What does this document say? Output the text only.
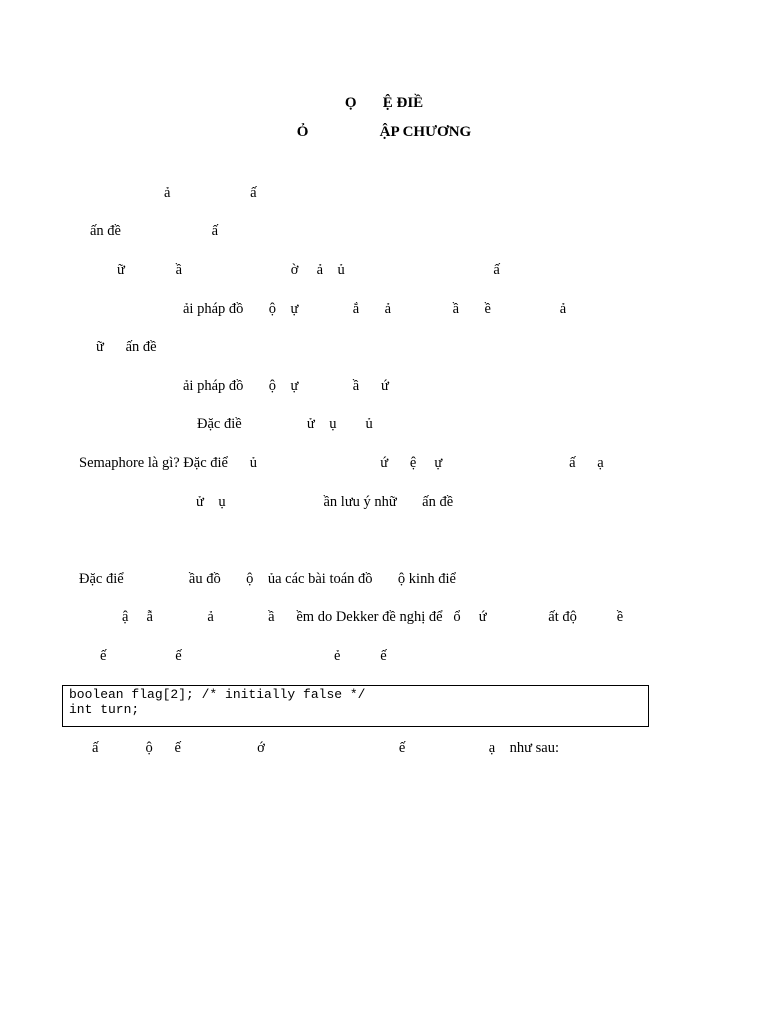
Ọ       Ệ ĐIỀ
Ỏ                   ẬP CHƯƠNG
ả                      ấ
ấn đề                         ấ
ữ              ầ                              ờ     ả    ủ                                         ấ
ải pháp đồ       ộ    ự               ắ       ả                 ầ       ề                   ả
ữ      ấn đề
ải pháp đồ       ộ    ự               ầ      ứ
Đặc điề                  ử    ụ        ủ
Semaphore là gì? Đặc điể      ủ                                  ứ      ệ     ự                                   ấ      ạ
ử    ụ                           ần lưu ý nhữ       ấn đề
Đặc điể                  ầu đồ       ộ    ủa các bài toán đồ       ộ kinh điể
ậ     ẫ               ả               ầ      ềm do Dekker đề nghị để   ổ     ứ                 ất độ           ề
ế                   ế                                          ẻ           ế
boolean flag[2]; /* initially false */
int turn;
ấ             ộ      ế                     ớ                                     ế                       ạ    như sau:
